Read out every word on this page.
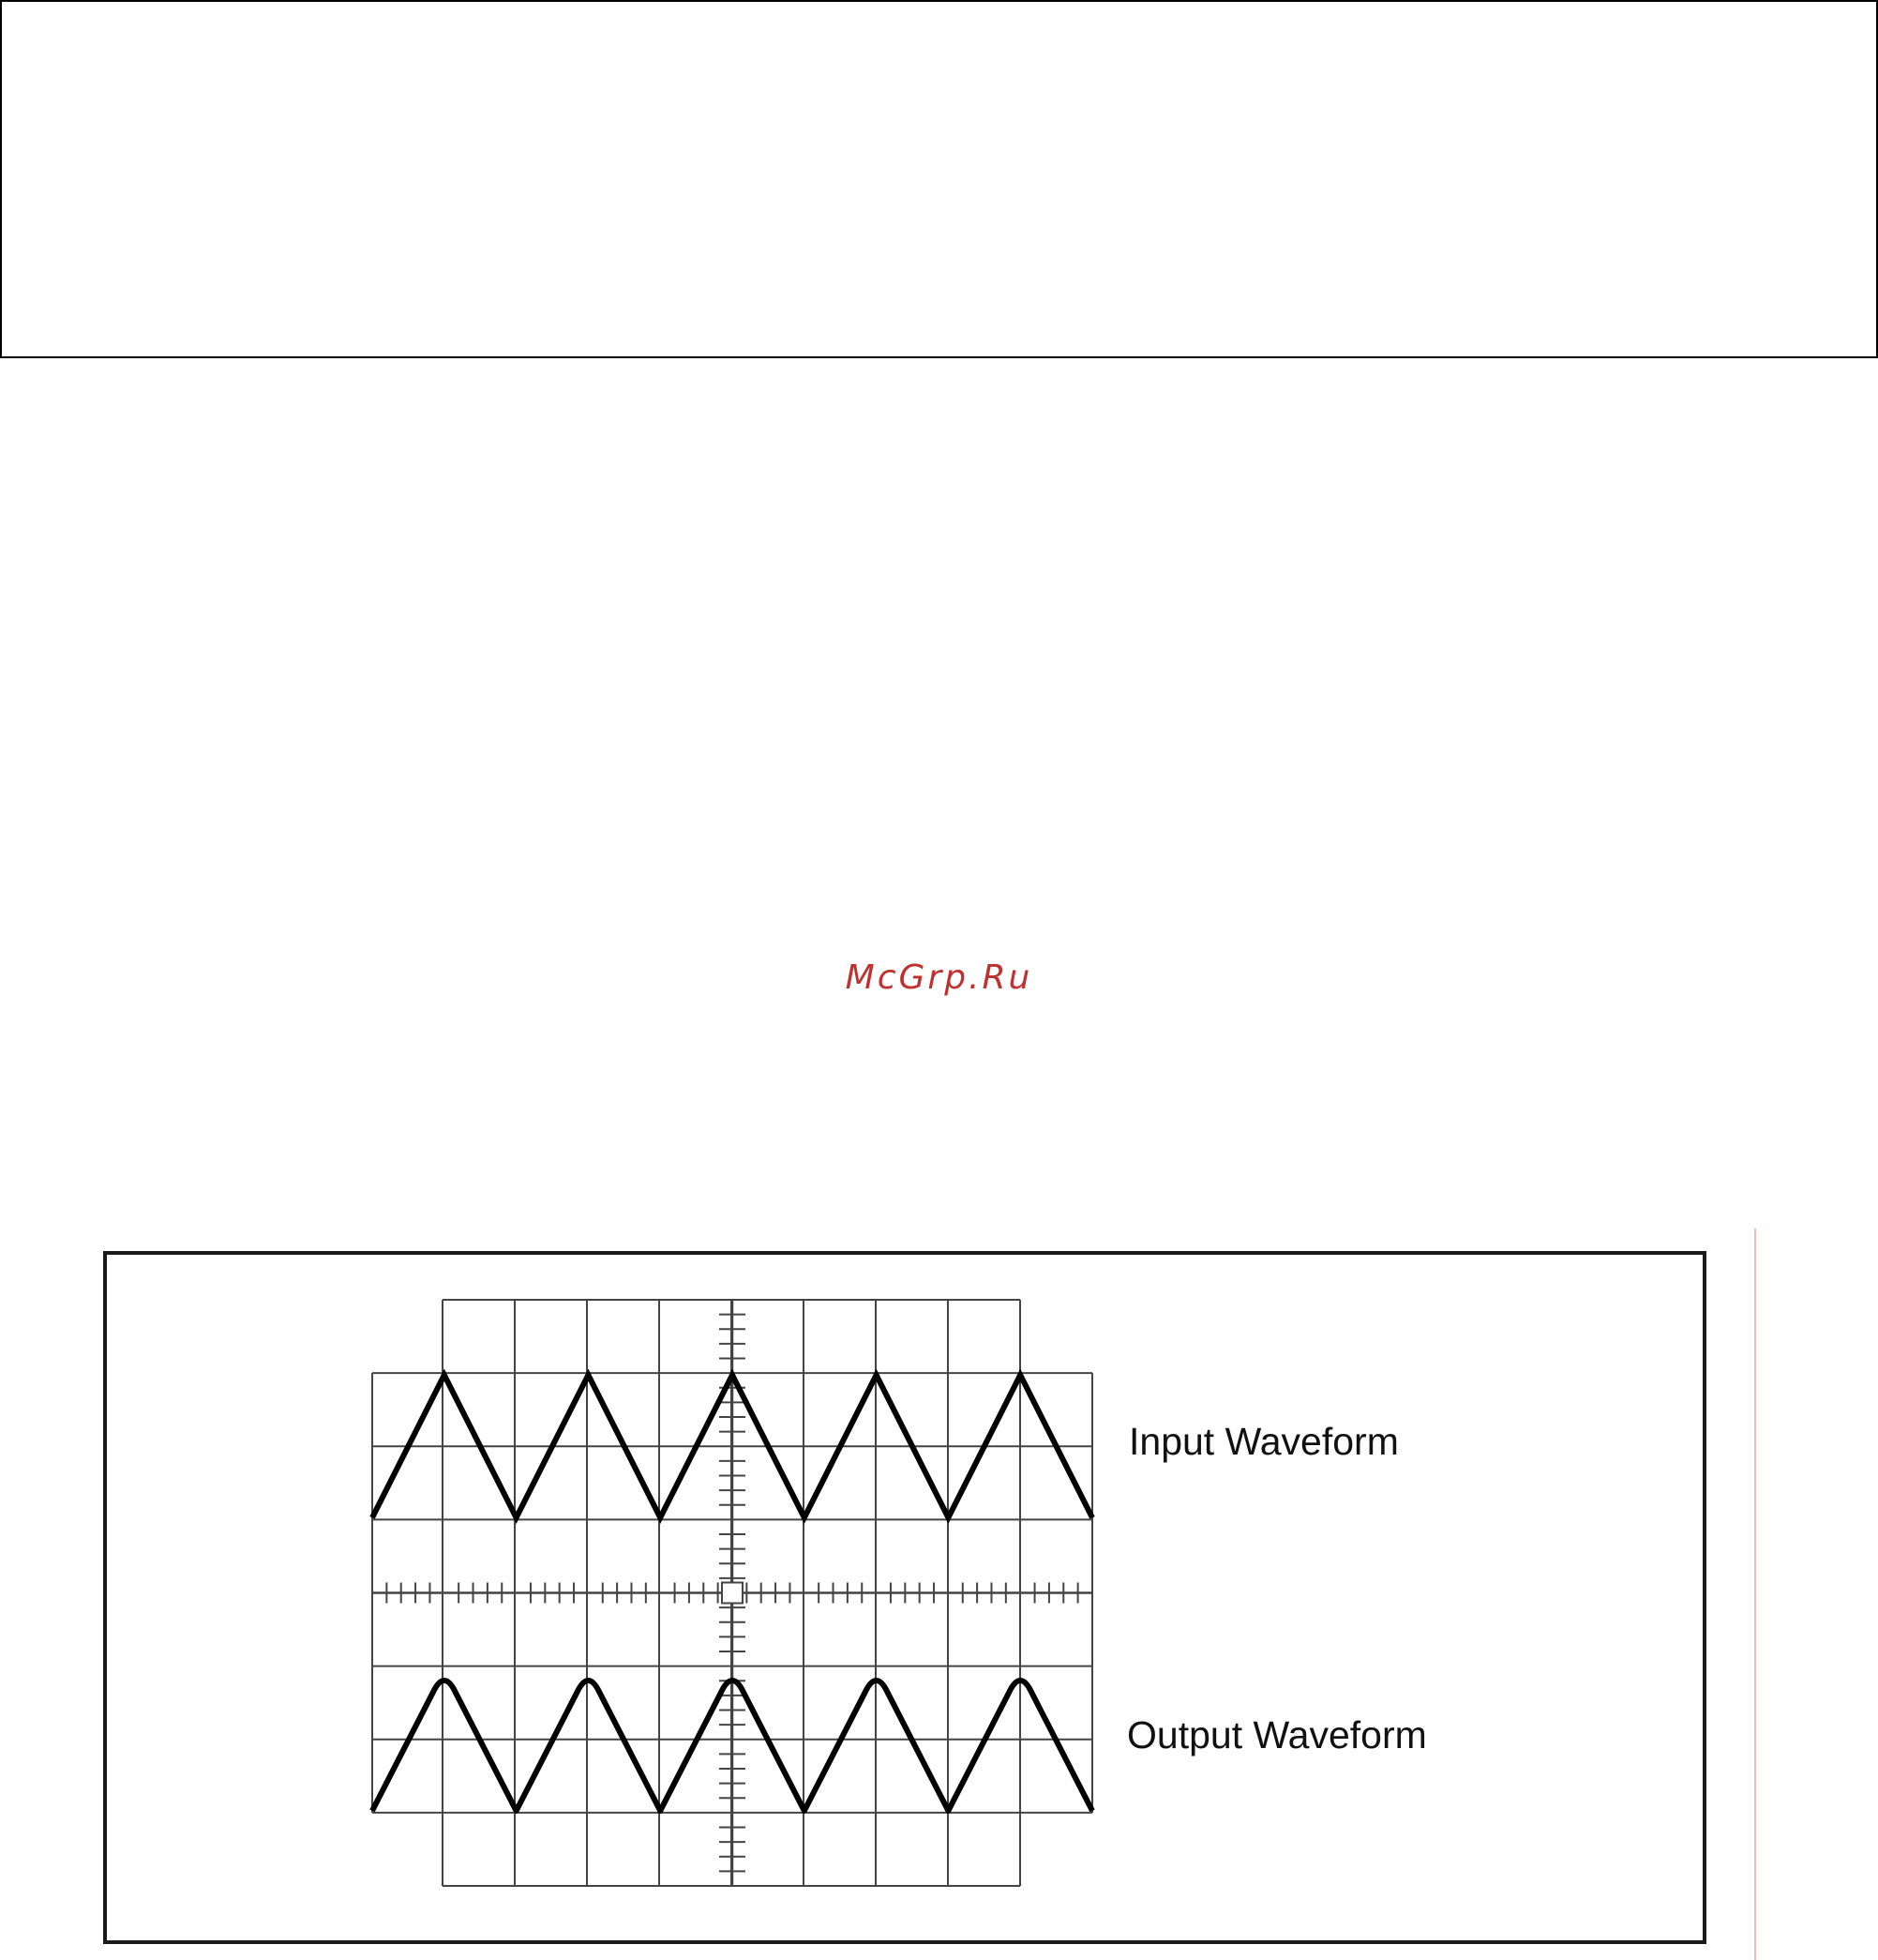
McGrp.Ru
Input Waveform
Output Waveform
